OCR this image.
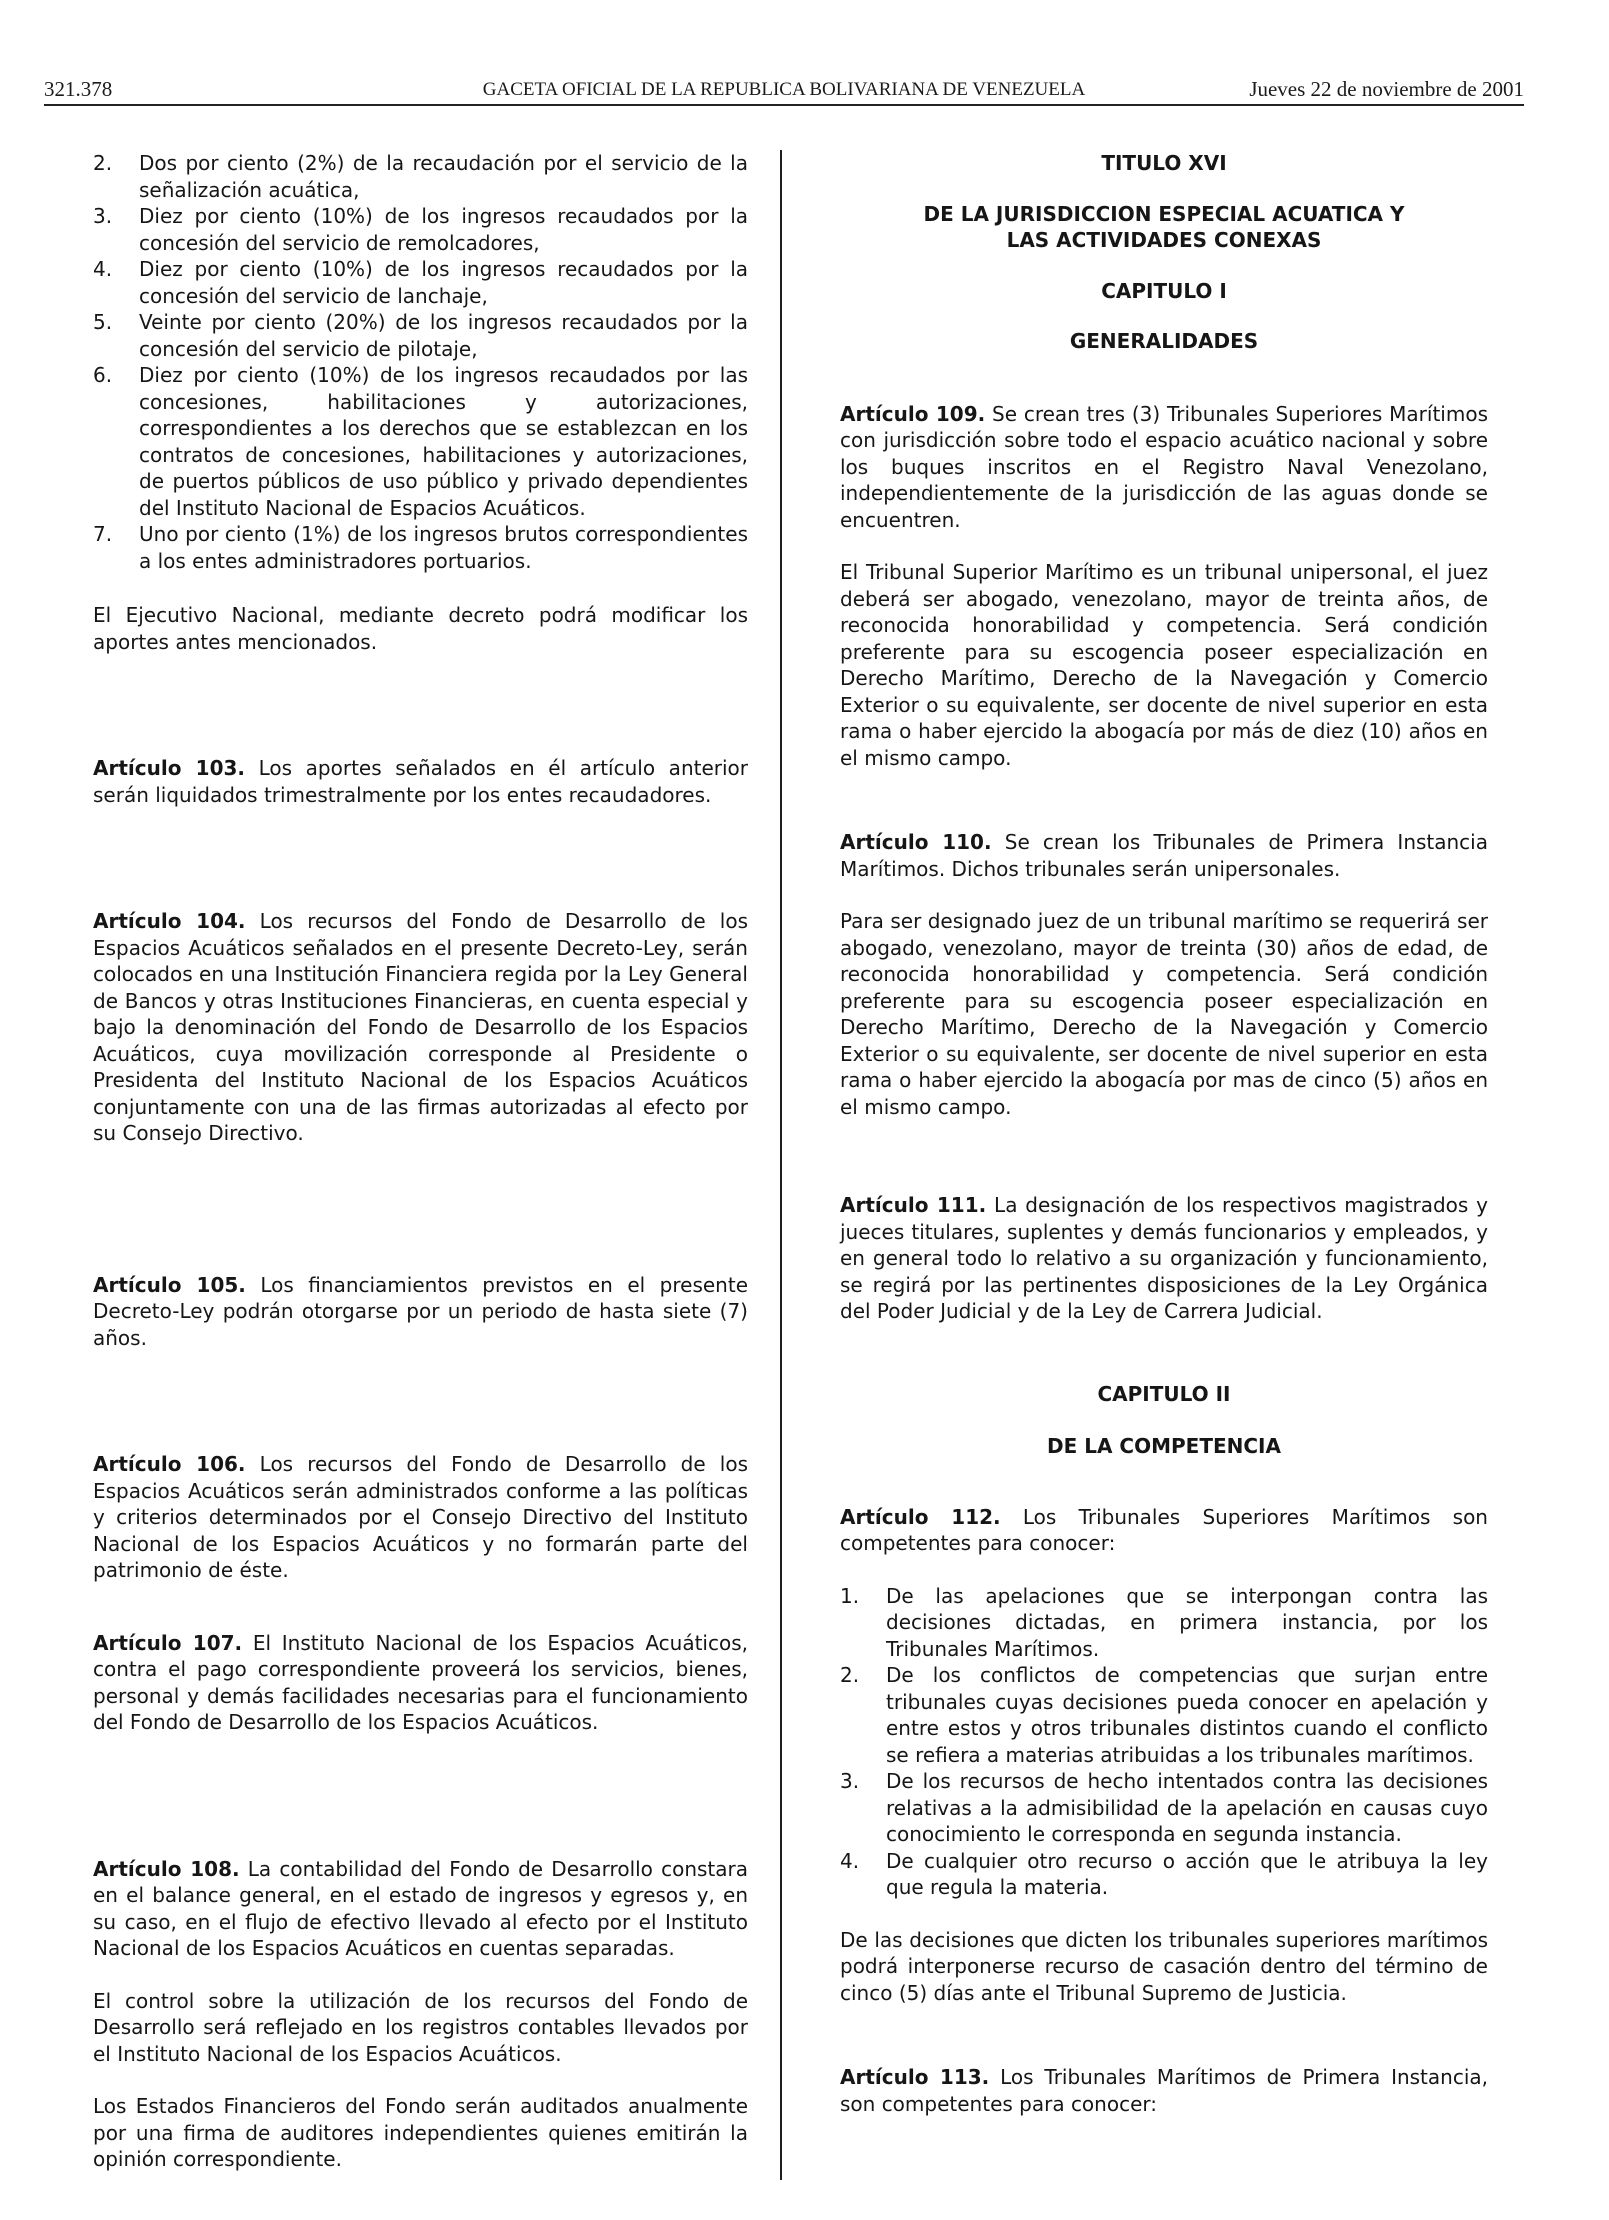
321.378	GACETA OFICIAL DE LA REPUBLICA BOLIVARIANA DE VENEZUELA	Jueves 22 de noviembre de 2001
2. Dos por ciento (2%) de la recaudación por el servicio de la señalización acuática,
3. Diez por ciento (10%) de los ingresos recaudados por la concesión del servicio de remolcadores,
4. Diez por ciento (10%) de los ingresos recaudados por la concesión del servicio de lanchaje,
5. Veinte por ciento (20%) de los ingresos recaudados por la concesión del servicio de pilotaje,
6. Diez por ciento (10%) de los ingresos recaudados por las concesiones, habilitaciones y autorizaciones, correspondientes a los derechos que se establezcan en los contratos de concesiones, habilitaciones y autorizaciones, de puertos públicos de uso público y privado dependientes del Instituto Nacional de Espacios Acuáticos.
7. Uno por ciento (1%) de los ingresos brutos correspondientes a los entes administradores portuarios.

El Ejecutivo Nacional, mediante decreto podrá modificar los aportes antes mencionados.

Artículo 103. Los aportes señalados en él artículo anterior serán liquidados trimestralmente por los entes recaudadores.

Artículo 104. Los recursos del Fondo de Desarrollo de los Espacios Acuáticos señalados en el presente Decreto-Ley, serán colocados en una Institución Financiera regida por la Ley General de Bancos y otras Instituciones Financieras, en cuenta especial y bajo la denominación del Fondo de Desarrollo de los Espacios Acuáticos, cuya movilización corresponde al Presidente o Presidenta del Instituto Nacional de los Espacios Acuáticos conjuntamente con una de las firmas autorizadas al efecto por su Consejo Directivo.

Artículo 105. Los financiamientos previstos en el presente Decreto-Ley podrán otorgarse por un periodo de hasta siete (7) años.

Artículo 106. Los recursos del Fondo de Desarrollo de los Espacios Acuáticos serán administrados conforme a las políticas y criterios determinados por el Consejo Directivo del Instituto Nacional de los Espacios Acuáticos y no formarán parte del patrimonio de éste.

Artículo 107. El Instituto Nacional de los Espacios Acuáticos, contra el pago correspondiente proveerá los servicios, bienes, personal y demás facilidades necesarias para el funcionamiento del Fondo de Desarrollo de los Espacios Acuáticos.

Artículo 108. La contabilidad del Fondo de Desarrollo constara en el balance general, en el estado de ingresos y egresos y, en su caso, en el flujo de efectivo llevado al efecto por el Instituto Nacional de los Espacios Acuáticos en cuentas separadas.

El control sobre la utilización de los recursos del Fondo de Desarrollo será reflejado en los registros contables llevados por el Instituto Nacional de los Espacios Acuáticos.

Los Estados Financieros del Fondo serán auditados anualmente por una firma de auditores independientes quienes emitirán la opinión correspondiente.

TITULO XVI
DE LA JURISDICCION ESPECIAL ACUATICA Y LAS ACTIVIDADES CONEXAS
CAPITULO I
GENERALIDADES

Artículo 109. Se crean tres (3) Tribunales Superiores Marítimos con jurisdicción sobre todo el espacio acuático nacional y sobre los buques inscritos en el Registro Naval Venezolano, independientemente de la jurisdicción de las aguas donde se encuentren.

El Tribunal Superior Marítimo es un tribunal unipersonal, el juez deberá ser abogado, venezolano, mayor de treinta años, de reconocida honorabilidad y competencia. Será condición preferente para su escogencia poseer especialización en Derecho Marítimo, Derecho de la Navegación y Comercio Exterior o su equivalente, ser docente de nivel superior en esta rama o haber ejercido la abogacía por más de diez (10) años en el mismo campo.

Artículo 110. Se crean los Tribunales de Primera Instancia Marítimos. Dichos tribunales serán unipersonales.

Para ser designado juez de un tribunal marítimo se requerirá ser abogado, venezolano, mayor de treinta (30) años de edad, de reconocida honorabilidad y competencia. Será condición preferente para su escogencia poseer especialización en Derecho Marítimo, Derecho de la Navegación y Comercio Exterior o su equivalente, ser docente de nivel superior en esta rama o haber ejercido la abogacía por mas de cinco (5) años en el mismo campo.

Artículo 111. La designación de los respectivos magistrados y jueces titulares, suplentes y demás funcionarios y empleados, y en general todo lo relativo a su organización y funcionamiento, se regirá por las pertinentes disposiciones de la Ley Orgánica del Poder Judicial y de la Ley de Carrera Judicial.

CAPITULO II
DE LA COMPETENCIA

Artículo 112. Los Tribunales Superiores Marítimos son competentes para conocer:

1. De las apelaciones que se interpongan contra las decisiones dictadas, en primera instancia, por los Tribunales Marítimos.
2. De los conflictos de competencias que surjan entre tribunales cuyas decisiones pueda conocer en apelación y entre estos y otros tribunales distintos cuando el conflicto se refiera a materias atribuidas a los tribunales marítimos.
3. De los recursos de hecho intentados contra las decisiones relativas a la admisibilidad de la apelación en causas cuyo conocimiento le corresponda en segunda instancia.
4. De cualquier otro recurso o acción que le atribuya la ley que regula la materia.

De las decisiones que dicten los tribunales superiores marítimos podrá interponerse recurso de casación dentro del término de cinco (5) días ante el Tribunal Supremo de Justicia.

Artículo 113. Los Tribunales Marítimos de Primera Instancia, son competentes para conocer:
